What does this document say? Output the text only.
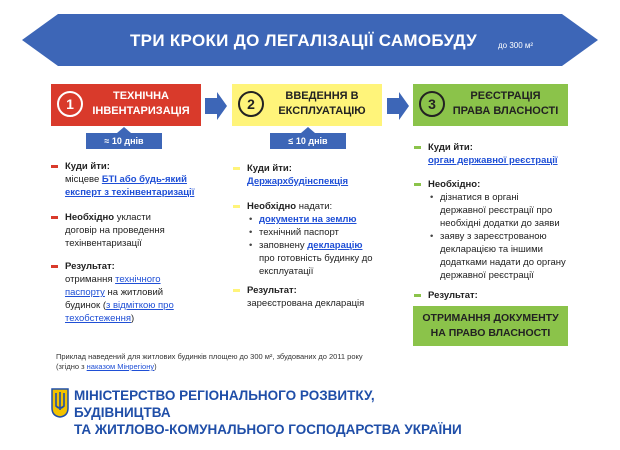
ТРИ КРОКИ ДО ЛЕГАЛІЗАЦІЇ САМОБУДУ	до 300 м²
1	ТЕХНІЧНА
ІНВЕНТАРИЗАЦІЯ	2	ВВЕДЕННЯ В
ЕКСПЛУАТАЦІЮ	3	РЕЄСТРАЦІЯ
ПРАВА ВЛАСНОСТІ
≈ 10 днів	≤ 10 днів
Куди йти:
місцеве БТІ або будь-який
експерт з техінвентаризації
Необхідно укласти
договір на проведення
техінвентаризації
Результат:
отримання технічного
паспорту на житловий
будинок (з відміткою про
техобстеження)
Куди йти:
Держархбудінспекція
Необхідно надати:
• документи на землю
• технічний паспорт
• заповнену декларацію
про готовність будинку до
експлуатації
Результат:
зареєстрована декларація
Куди йти:
орган державної реєстрації
Необхідно:
• дізнатися в органі
державної реєстрації про
необхідні додатки до заяви
• заяву з зареєстрованою
декларацією та іншими
додатками надати до органу
державної реєстрації
Результат:
ОТРИМАННЯ ДОКУМЕНТУ
НА ПРАВО ВЛАСНОСТІ
Приклад наведений для житлових будинків площею до 300 м², збудованих до 2011 року
(згідно з наказом Мінрегіону)
МІНІСТЕРСТВО РЕГІОНАЛЬНОГО РОЗВИТКУ, БУДІВНИЦТВА
ТА ЖИТЛОВО-КОМУНАЛЬНОГО ГОСПОДАРСТВА УКРАЇНИ
